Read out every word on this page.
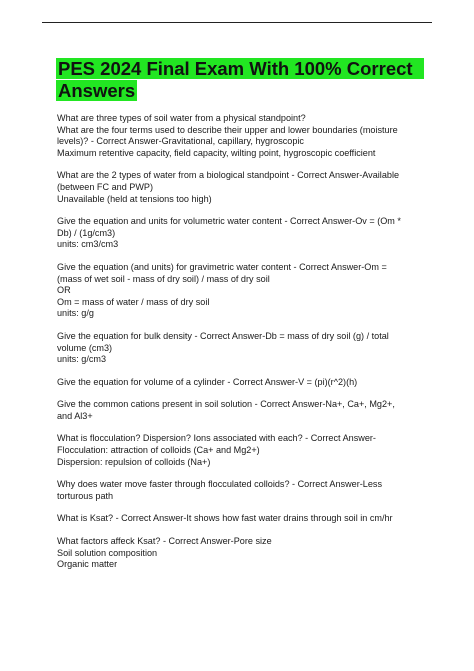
PES 2024 Final Exam With 100% Correct
Answers
What are three types of soil water from a physical standpoint?
What are the four terms used to describe their upper and lower boundaries (moisture
levels)? - Correct Answer-Gravitational, capillary, hygroscopic
Maximum retentive capacity, field capacity, wilting point, hygroscopic coefficient
What are the 2 types of water from a biological standpoint - Correct Answer-Available
(between FC and PWP)
Unavailable (held at tensions too high)
Give the equation and units for volumetric water content - Correct Answer-Ov = (Om *
Db) / (1g/cm3)
units: cm3/cm3
Give the equation (and units) for gravimetric water content - Correct Answer-Om =
(mass of wet soil - mass of dry soil) / mass of dry soil
OR
Om = mass of water / mass of dry soil
units: g/g
Give the equation for bulk density - Correct Answer-Db = mass of dry soil (g) / total
volume (cm3)
units: g/cm3
Give the equation for volume of a cylinder - Correct Answer-V = (pi)(r^2)(h)
Give the common cations present in soil solution - Correct Answer-Na+, Ca+, Mg2+,
and Al3+
What is flocculation? Dispersion? Ions associated with each? - Correct Answer-
Flocculation: attraction of colloids (Ca+ and Mg2+)
Dispersion: repulsion of colloids (Na+)
Why does water move faster through flocculated colloids? - Correct Answer-Less
torturous path
What is Ksat? - Correct Answer-It shows how fast water drains through soil in cm/hr
What factors affeck Ksat? - Correct Answer-Pore size
Soil solution composition
Organic matter
